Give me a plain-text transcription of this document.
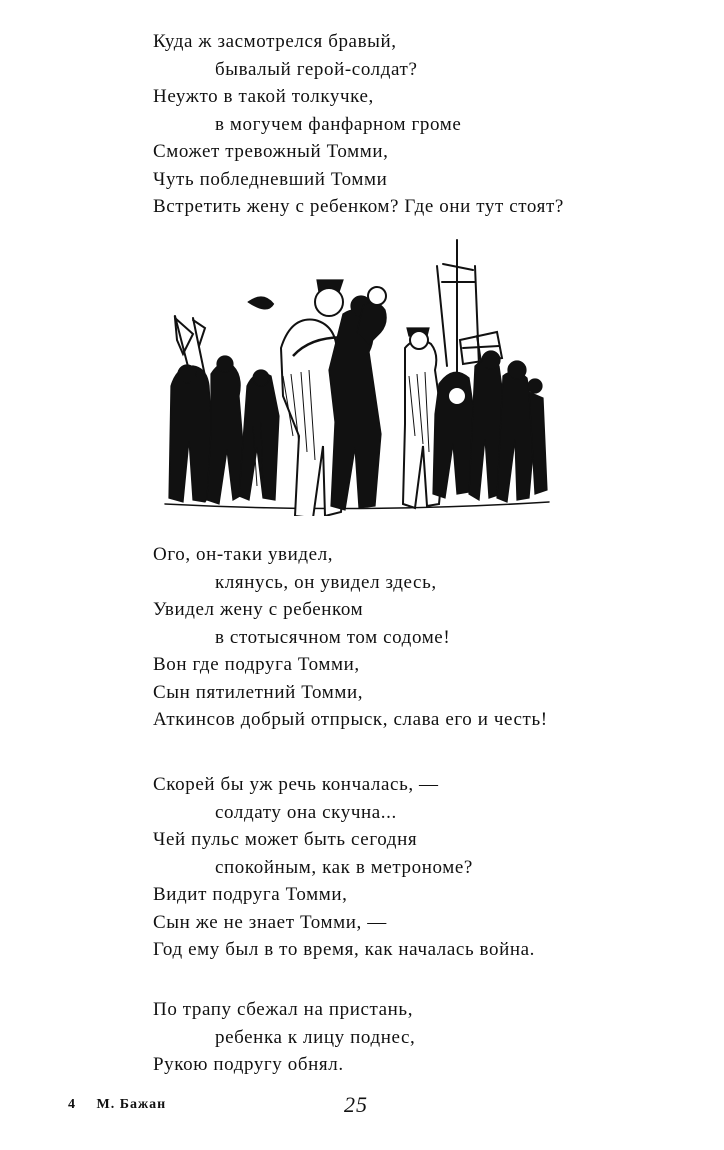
Куда ж засмотрелся бравый,
бывалый герой-солдат?
Неужто в такой толкучке,
в могучем фанфарном громе
Сможет тревожный Томми,
Чуть побледневший Томми
Встретить жену с ребенком? Где они тут стоят?
Ого, он-таки увидел,
клянусь, он увидел здесь,
Увидел жену с ребенком
в стотысячном том содоме!
Вон где подруга Томми,
Сын пятилетний Томми,
Аткинсов добрый отпрыск, слава его и честь!
Скорей бы уж речь кончалась, —
солдату она скучна...
Чей пульс может быть сегодня
спокойным, как в метрономе?
Видит подруга Томми,
Сын же не знает Томми, —
Год ему был в то время, как началась война.
По трапу сбежал на пристань,
ребенка к лицу поднес,
Рукою подругу обнял.
4 М. Бажан	25
